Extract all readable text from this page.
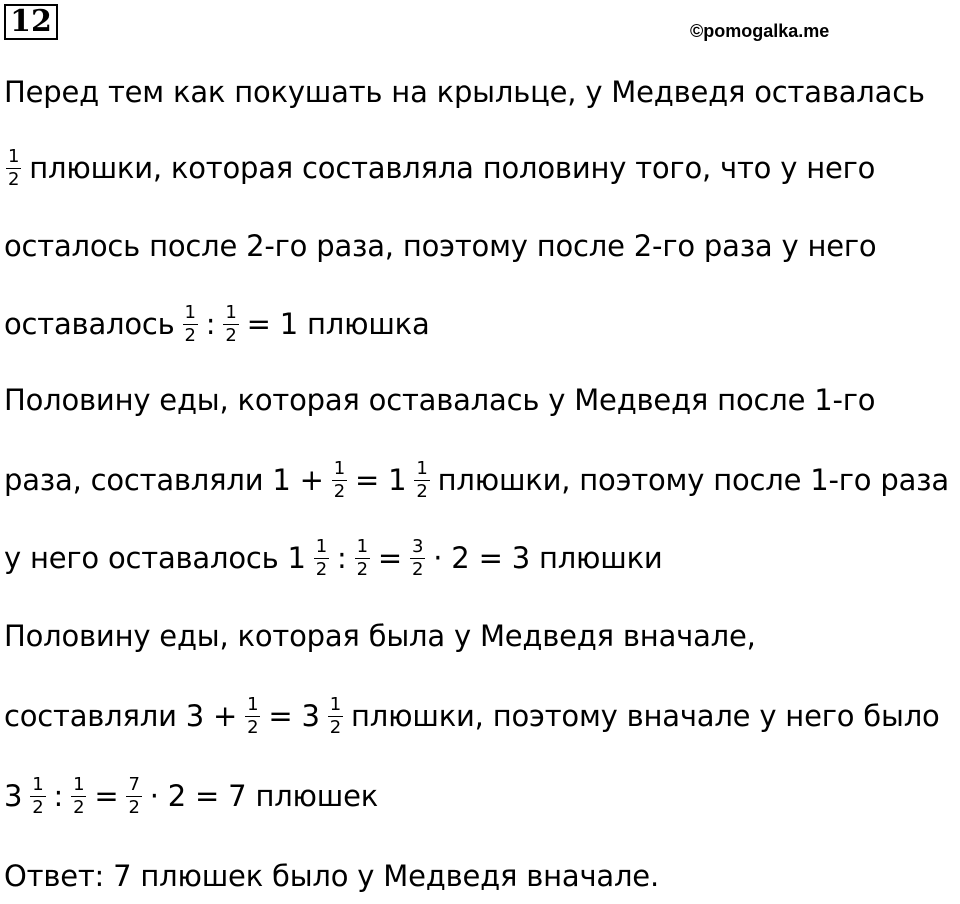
12	©pomogalka.me
Перед тем как покушать на крыльце, у Медведя оставалась
$\frac{1}{2}$ плюшки, которая составляла половину того, что у него
осталось после 2-го раза, поэтому после 2-го раза у него
оставалось $\frac{1}{2}$ : $\frac{1}{2} = 1$ плюшка
Половину еды, которая оставалась у Медведя после 1-го
раза, составляли $1 + \frac{1}{2} = 1 \frac{1}{2}$ плюшки, поэтому после 1-го раза
у него оставалось $1 \frac{1}{2}$ : $\frac{1}{2} = \frac{3}{2} \cdot 2 = 3$ плюшки
Половину еды, которая была у Медведя вначале,
составляли $3 + \frac{1}{2} = 3 \frac{1}{2}$ плюшки, поэтому вначале у него было
$3 \frac{1}{2}$ : $\frac{1}{2} = \frac{7}{2} \cdot 2 = 7$ плюшек
Ответ: 7 плюшек было у Медведя вначале.
